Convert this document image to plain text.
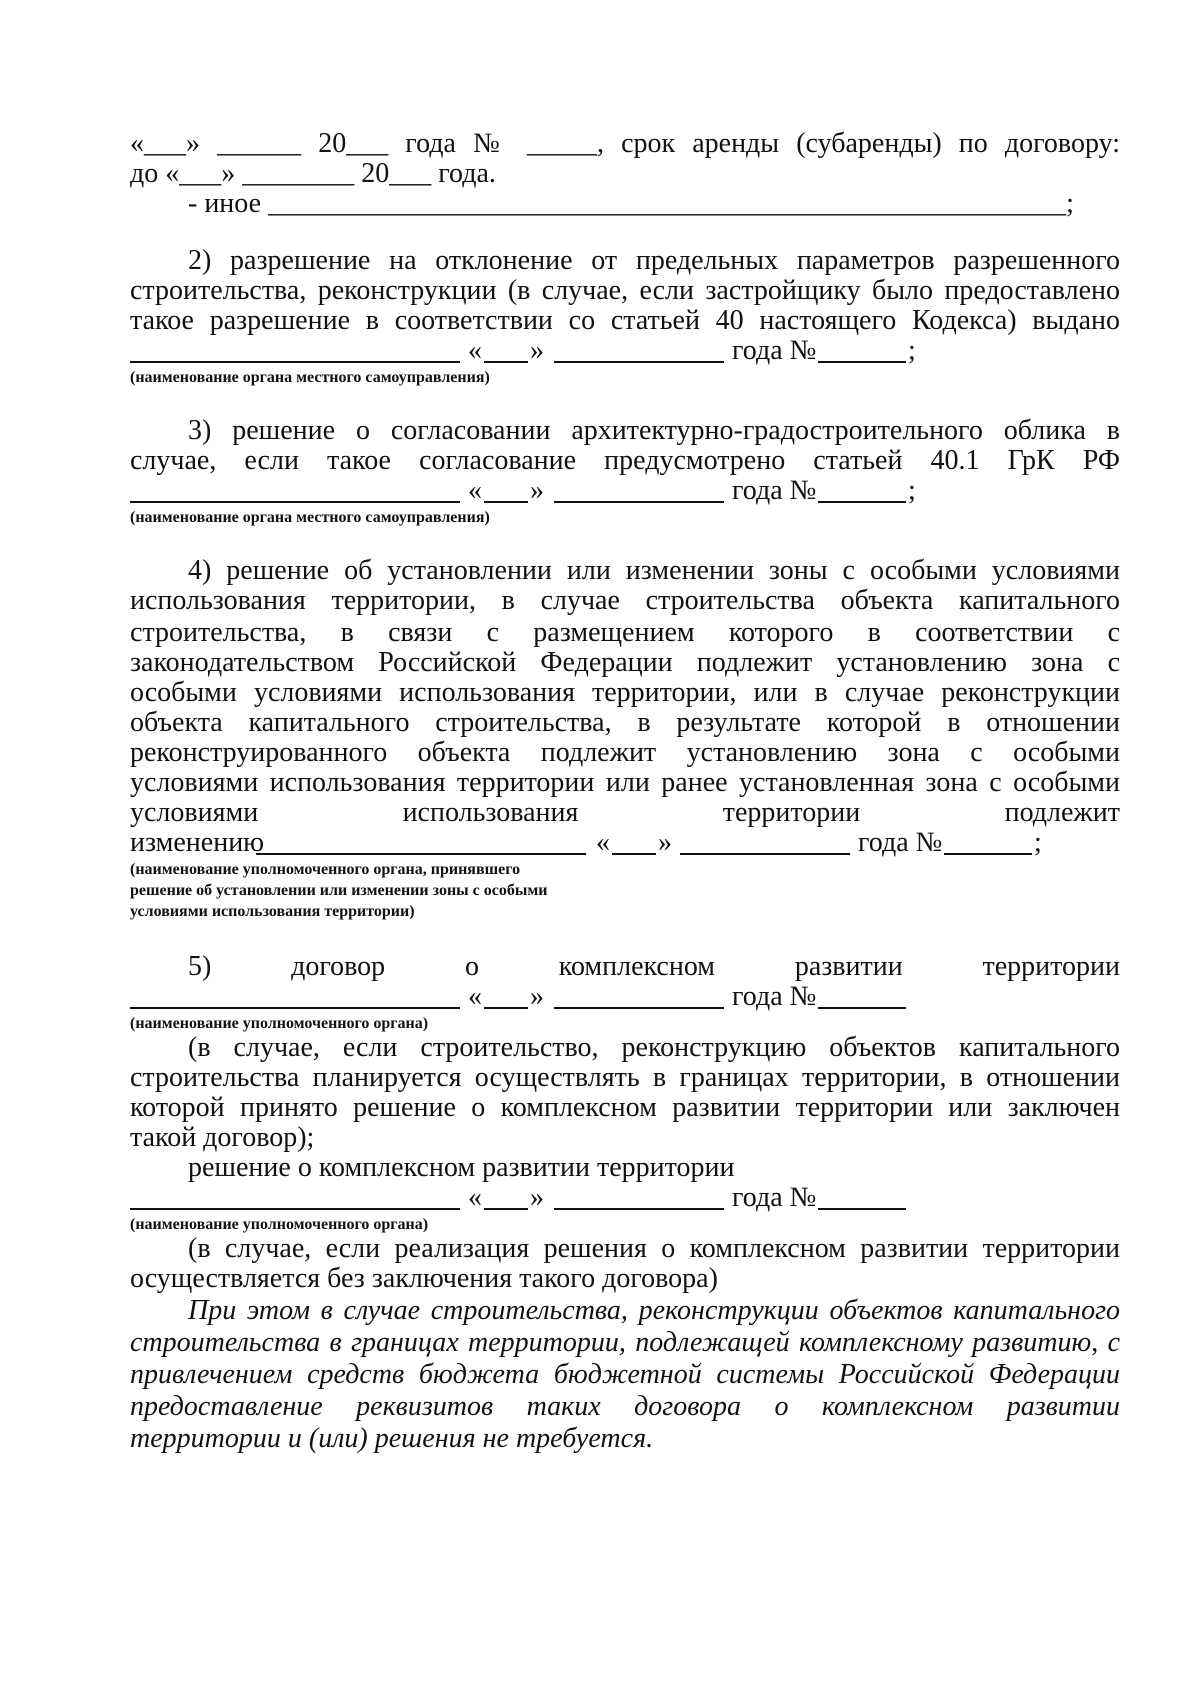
«___» ______ 20___ года № _____, срок аренды (субаренды) по договору:
до «___» ________ 20___ года.
- иное _________________________________________________________;
2) разрешение на отклонение от предельных параметров разрешенного
строительства, реконструкции (в случае, если застройщику было предоставлено
такое разрешение в соответствии со статьей 40 настоящего Кодекса) выдано

«

»

	года №

	;

(наименование органа местного самоуправления)
3) решение о согласовании архитектурно-градостроительного облика в
случае, если такое согласование предусмотрено статьей 40.1 ГрК РФ

«

»

	года №

	;

(наименование органа местного самоуправления)
4) решение об установлении или изменении зоны с особыми условиями
использования территории, в случае строительства объекта капитального
строительства, в связи с размещением которого в соответствии с
законодательством Российской Федерации подлежит установлению зона с
особыми условиями использования территории, или в случае реконструкции
объекта капитального строительства, в результате которой в отношении
реконструированного объекта подлежит установлению зона с особыми
условиями использования территории или ранее установленная зона с особыми
условиями использования территории подлежит

изменению

	«

»

	года №

	;

(наименование уполномоченного органа, принявшего
решение об установлении или изменении зоны с особыми
условиями использования территории)
5) договор о комплексном развитии территории

«

»

	года №

(наименование уполномоченного органа)
(в случае, если строительство, реконструкцию объектов капитального
строительства планируется осуществлять в границах территории, в отношении
которой принято решение о комплексном развитии территории или заключен
такой договор);
решение о комплексном развитии территории

«

»

	года №

(наименование уполномоченного органа)
(в случае, если реализация решения о комплексном развитии территории
осуществляется без заключения такого договора)
При этом в случае строительства, реконструкции объектов капитального
строительства в границах территории, подлежащей комплексному развитию, с
привлечением средств бюджета бюджетной системы Российской Федерации
предоставление реквизитов таких договора о комплексном развитии
территории и (или) решения не требуется.
